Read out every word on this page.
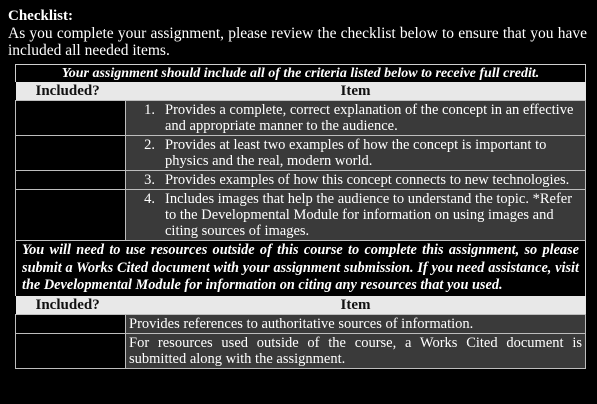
Checklist:

As you complete your assignment, please review the checklist below to ensure that you have included all needed items.

Your assignment should include all of the criteria listed below to receive full credit.	
Included?	Item

	1. Provides a complete, correct explanation of the concept in an effective and appropriate manner to the audience.

	2. Provides at least two examples of how the concept is important to physics and the real, modern world.

	3. Provides examples of how this concept connects to new technologies.

	4. Includes images that help the audience to understand the topic. *Refer to the Developmental Module for information on using images and citing sources of images.

You will need to use resources outside of this course to complete this assignment, so please submit a Works Cited document with your assignment submission. If you need assistance, visit the Developmental Module for information on citing any resources that you used.	
Included?	Item
	Provides references to authoritative sources of information.
	For resources used outside of the course, a Works Cited document is submitted along with the assignment.
